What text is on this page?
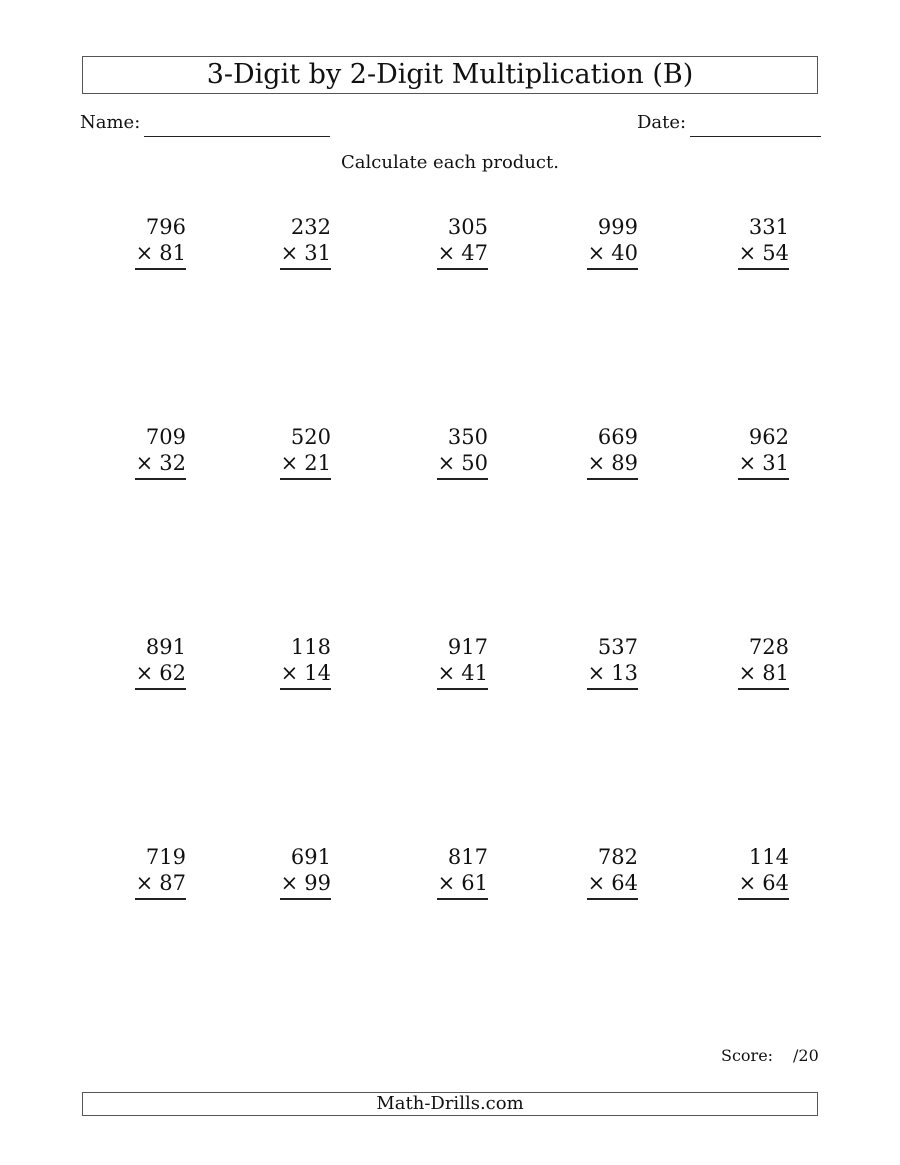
3-Digit by 2-Digit Multiplication (B)
Name:	Date:
Calculate each product.
796
× 81
232
× 31
305
× 47
999
× 40
331
× 54
709
× 32
520
× 21
350
× 50
669
× 89
962
× 31
891
× 62
118
× 14
917
× 41
537
× 13
728
× 81
719
× 87
691
× 99
817
× 61
782
× 64
114
× 64
Score: /20
Math-Drills.com
